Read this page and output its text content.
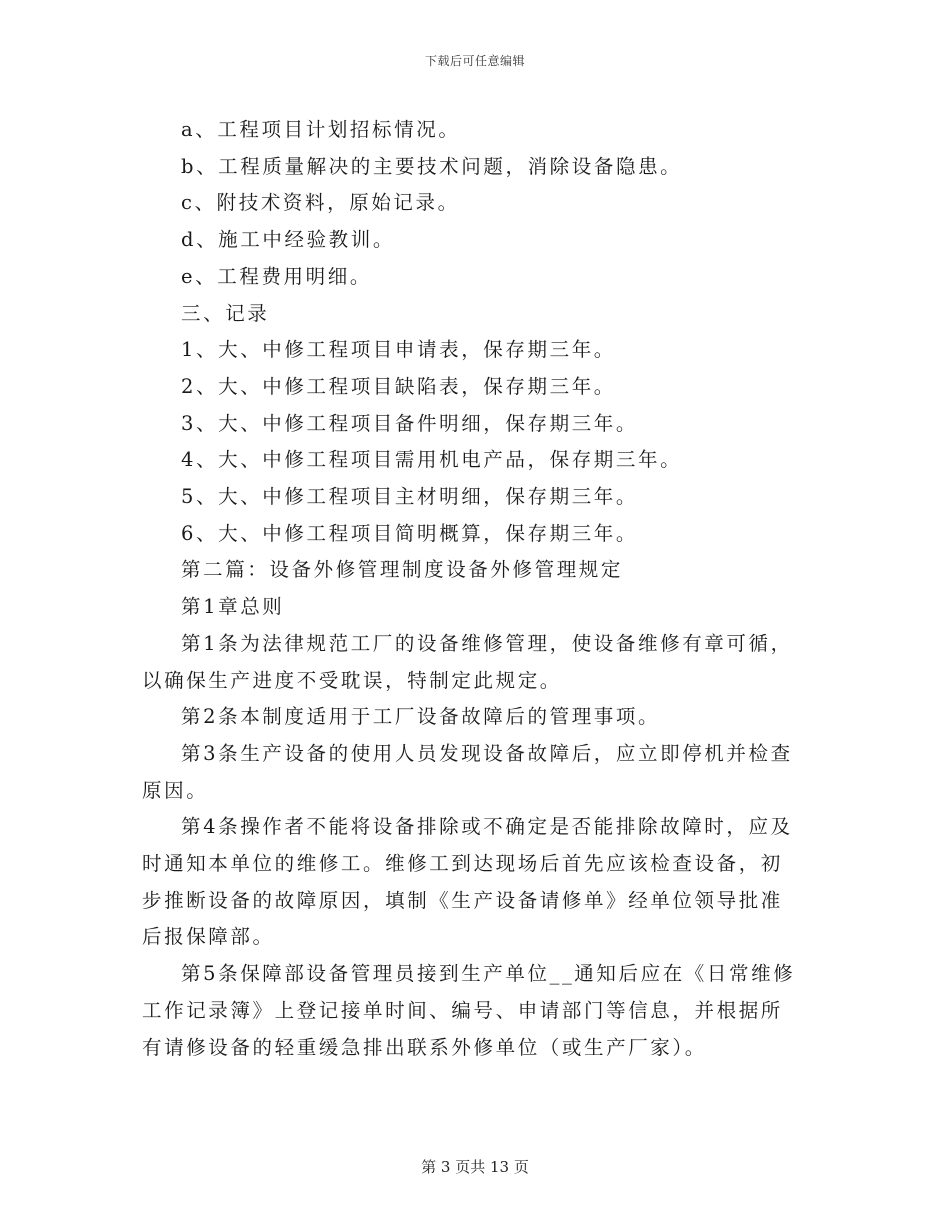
下载后可任意编辑

a、工程项目计划招标情况。

b、工程质量解决的主要技术问题，消除设备隐患。

c、附技术资料，原始记录。

d、施工中经验教训。

e、工程费用明细。

三、记录

1、大、中修工程项目申请表，保存期三年。

2、大、中修工程项目缺陷表，保存期三年。

3、大、中修工程项目备件明细，保存期三年。

4、大、中修工程项目需用机电产品，保存期三年。

5、大、中修工程项目主材明细，保存期三年。

6、大、中修工程项目简明概算，保存期三年。

第二篇：设备外修管理制度设备外修管理规定

第1章总则

第1条为法律规范工厂的设备维修管理，使设备维修有章可循，以确保生产进度不受耽误，特制定此规定。

第2条本制度适用于工厂设备故障后的管理事项。

第3条生产设备的使用人员发现设备故障后，应立即停机并检查原因。

第4条操作者不能将设备排除或不确定是否能排除故障时，应及时通知本单位的维修工。维修工到达现场后首先应该检查设备，初步推断设备的故障原因，填制《生产设备请修单》经单位领导批准后报保障部。

第5条保障部设备管理员接到生产单位__通知后应在《日常维修工作记录簿》上登记接单时间、编号、申请部门等信息，并根据所有请修设备的轻重缓急排出联系外修单位（或生产厂家）。

第 3 页共 13 页
